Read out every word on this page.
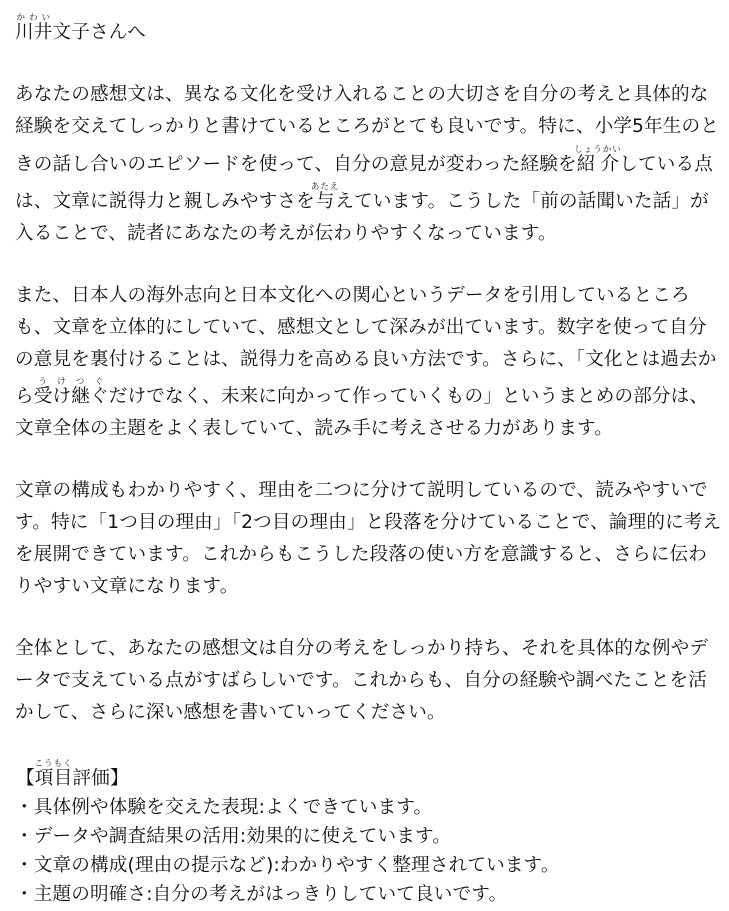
川井かわい文子さんへ
あなたの感想文は、異なる文化を受け入れることの大切さを自分の考えと具体的な
経験を交えてしっかりと書けているところがとても良いです。特に、小学5年生のと
きの話し合いのエピソードを使って、自分の意見が変わった経験を紹介しょうかいしている点
は、文章に説得力と親しみやすさを与あたええています。こうした「前の話聞いた話」が
入ることで、読者にあなたの考えが伝わりやすくなっています。
また、日本人の海外志向と日本文化への関心というデータを引用しているところ
も、文章を立体的にしていて、感想文として深みが出ています。数字を使って自分
の意見を裏付けることは、説得力を高める良い方法です。さらに、「文化とは過去か
ら受け継ぐうけつぐだけでなく、未来に向かって作っていくもの」というまとめの部分は、
文章全体の主題をよく表していて、読み手に考えさせる力があります。
文章の構成もわかりやすく、理由を二つに分けて説明しているので、読みやすいで
す。特に「1つ目の理由」「2つ目の理由」と段落を分けていることで、論理的に考え
を展開できています。これからもこうした段落の使い方を意識すると、さらに伝わ
りやすい文章になります。
全体として、あなたの感想文は自分の考えをしっかり持ち、それを具体的な例やデ
ータで支えている点がすばらしいです。これからも、自分の経験や調べたことを活
かして、さらに深い感想を書いていってください。
【項目こうもく評価】
・具体例や体験を交えた表現:よくできています。
・データや調査結果の活用:効果的に使えています。
・文章の構成(理由の提示など):わかりやすく整理されています。
・主題の明確さ:自分の考えがはっきりしていて良いです。
